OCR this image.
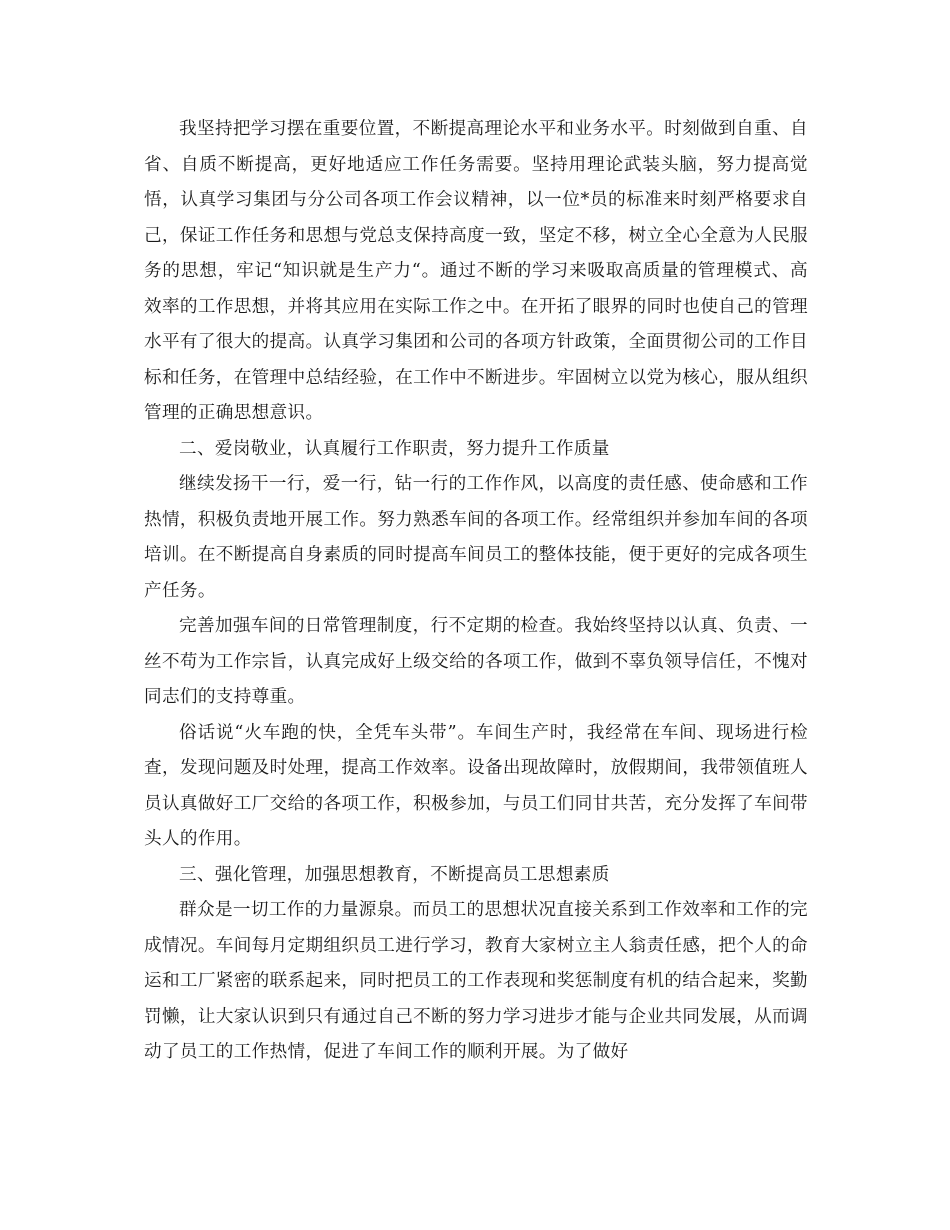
我坚持把学习摆在重要位置，不断提高理论水平和业务水平。时刻做到自重、自省、自质不断提高，更好地适应工作任务需要。坚持用理论武装头脑，努力提高觉悟，认真学习集团与分公司各项工作会议精神，以一位*员的标准来时刻严格要求自己，保证工作任务和思想与党总支保持高度一致，坚定不移，树立全心全意为人民服务的思想，牢记“知识就是生产力“。通过不断的学习来吸取高质量的管理模式、高效率的工作思想，并将其应用在实际工作之中。在开拓了眼界的同时也使自己的管理水平有了很大的提高。认真学习集团和公司的各项方针政策，全面贯彻公司的工作目标和任务，在管理中总结经验，在工作中不断进步。牢固树立以党为核心，服从组织管理的正确思想意识。

二、爱岗敬业，认真履行工作职责，努力提升工作质量

继续发扬干一行，爱一行，钻一行的工作作风，以高度的责任感、使命感和工作热情，积极负责地开展工作。努力熟悉车间的各项工作。经常组织并参加车间的各项培训。在不断提高自身素质的同时提高车间员工的整体技能，便于更好的完成各项生产任务。

完善加强车间的日常管理制度，行不定期的检查。我始终坚持以认真、负责、一丝不苟为工作宗旨，认真完成好上级交给的各项工作，做到不辜负领导信任，不愧对同志们的支持尊重。

俗话说“火车跑的快，全凭车头带”。车间生产时，我经常在车间、现场进行检查，发现问题及时处理，提高工作效率。设备出现故障时，放假期间，我带领值班人员认真做好工厂交给的各项工作，积极参加，与员工们同甘共苦，充分发挥了车间带头人的作用。

三、强化管理，加强思想教育，不断提高员工思想素质

群众是一切工作的力量源泉。而员工的思想状况直接关系到工作效率和工作的完成情况。车间每月定期组织员工进行学习，教育大家树立主人翁责任感，把个人的命运和工厂紧密的联系起来，同时把员工的工作表现和奖惩制度有机的结合起来，奖勤罚懒，让大家认识到只有通过自己不断的努力学习进步才能与企业共同发展，从而调动了员工的工作热情，促进了车间工作的顺利开展。为了做好
